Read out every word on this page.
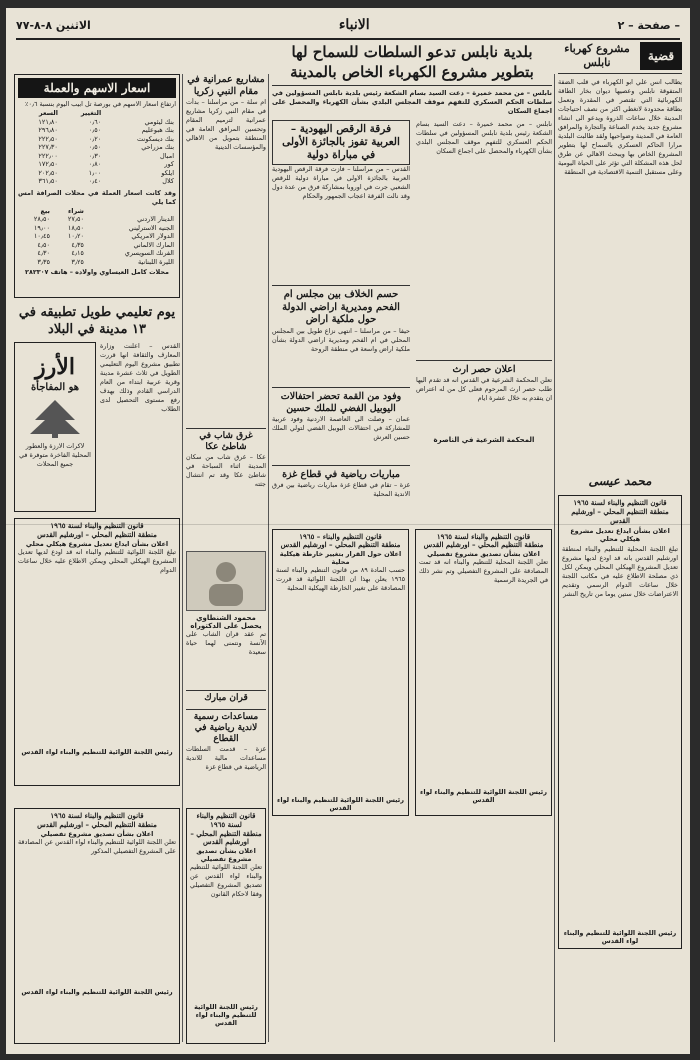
الاثنين ٨-٨-٧٧	الانباء	صفحة – ٢ –
قضية
مشروع كهرباء نابلس
يطالب انس علي ابو الكهرباء في قلب الضفة المتفوقة نابلس وعصيها ديوان بخار الطاقة الكهربائية التي تقتصر في المقدرة وتعمل بطاقة محدودة لاتغطي اكثر من نصف احتياجات المدينة خلال ساعات الذروة ويدعو الى انشاء مشروع جديد يخدم الصناعة والتجارة والمرافق العامة في المدينة وضواحيها ولقد طالبت البلدية مرارا الحاكم العسكري بالسماح لها بتطوير المشروع الخاص بها ويبحث الاهالي عن طرق لحل هذه المشكلة التي تؤثر على الحياة اليومية وعلى مستقبل التنمية الاقتصادية في المنطقة
محمد عيسى
قانون التنظيم والبناء لسنة ١٩٦٥
منطقة التنظيم المحلي – اورشليم القدس
اعلان بشأن ايداع تعديل مشروع هيكلي محلي
تبلغ اللجنة المحلية للتنظيم والبناء لمنطقة اورشليم القدس بانه قد اودع لديها مشروع تعديل المشروع الهيكلي المحلي ويمكن لكل ذي مصلحة الاطلاع عليه في مكاتب اللجنة خلال ساعات الدوام الرسمي وتقديم الاعتراضات خلال ستين يوما من تاريخ النشر
رئيس اللجنة اللوائية للتنظيم والبناء لواء القدس
بلدية نابلس تدعو السلطات للسماح لها بتطوير مشروع الكهرباء الخاص بالمدينة
نابلس – من محمد خميرة – دعت السيد بسام الشكعة رئيس بلدية نابلس المسؤولين في سلطات الحكم العسكري للتفهم موقف المجلس البلدي بشأن الكهرباء والمحصل على اجماع السكان
نابلس – من محمد خميرة – دعت السيد بسام الشكعة رئيس بلدية نابلس المسؤولين في سلطات الحكم العسكري للتفهم موقف المجلس البلدي بشأن الكهرباء والمحصل على اجماع السكان
اعلان حصر ارث
تعلن المحكمة الشرعية في القدس انه قد تقدم اليها طلب حصر ارث المرحوم فعلى كل من له اعتراض ان يتقدم به خلال عشرة ايام
المحكمة الشرعية في الناصرة
فرقة الرقص اليهودية – العربية تفوز بالجائزة الأولى في مباراة دولية
القدس – من مراسلنا – فازت فرقة الرقص اليهودية العربية بالجائزة الاولى في مباراة دولية للرقص الشعبي جرت في اوروبا بمشاركة فرق من عدة دول وقد نالت الفرقة اعجاب الجمهور والحكام
حسم الخلاف بين مجلس ام الفحم ومديرية اراضي الدولة حول ملكية اراض
حيفا – من مراسلنا – انتهى نزاع طويل بين المجلس المحلي في ام الفحم ومديرية اراضي الدولة بشأن ملكية اراض واسعة في منطقة الروحة
وفود من القمة تحضر احتفالات اليوبيل الفضي للملك حسين
عمان – وصلت الى العاصمة الاردنية وفود عربية للمشاركة في احتفالات اليوبيل الفضي لتولي الملك حسين العرش
مباريات رياضية في قطاع غزة
غزة – تقام في قطاع غزة مباريات رياضية بين فرق الاندية المحلية
قانون التنظيم والبناء لسنة ١٩٦٥
منطقة التنظيم المحلي – اورشليم القدس
اعلان بشأن تصديق مشروع تفصيلي
تعلن اللجنة المحلية للتنظيم والبناء انه قد تمت المصادقة على المشروع التفصيلي وتم نشر ذلك في الجريدة الرسمية
رئيس اللجنة اللوائية للتنظيم والبناء لواء القدس
قانون التنظيم والبناء – ١٩٦٥
منطقة التنظيم المحلي – اورشليم القدس
اعلان حول القرار بتغيير خارطة هيكلية محلية
حسب المادة ٨٩ من قانون التنظيم والبناء لسنة ١٩٦٥ يعلن بهذا ان اللجنة اللوائية قد قررت المصادقة على تغيير الخارطة الهيكلية المحلية
رئيس اللجنة اللوائية للتنظيم والبناء لواء القدس
مشاريع عمرانية في مقام النبي زكريا
ام سلة – من مراسلنا – بدأت في مقام النبي زكريا مشاريع عمرانية لترميم المقام وتحسين المرافق العامة في المنطقة بتمويل من الاهالي والمؤسسات الدينية
غرق شاب في شاطئ عكا
عكا – غرق شاب من سكان المدينة اثناء السباحة في شاطئ عكا وقد تم انتشال جثته
محمود الشنطاوي يحصل على الدكتوراه
تم عقد قران الشاب على الآنسة ونتمنى لهما حياة سعيدة
قران مبارك
مساعدات رسمية لاندية رياضية في القطاع
غزة – قدمت السلطات مساعدات مالية للاندية الرياضية في قطاع غزة
قانون التنظيم والبناء لسنة ١٩٦٥
منطقة التنظيم المحلي – اورشليم القدس
اعلان بشأن تصديق مشروع تفصيلي
تعلن اللجنة اللوائية للتنظيم والبناء لواء القدس عن تصديق المشروع التفصيلي وفقا لاحكام القانون
رئيس اللجنة اللوائية للتنظيم والبناء لواء القدس
اسعار الاسهم والعملة
ارتفاع اسعار الاسهم في بورصة تل ابيب اليوم بنسبة ٠٫٦٪
	التغيير	السعر
بنك ليئومي	٠٫٦٠	١٢١٫٨٠
بنك هبوعليم	٠٫٥٠	٢٩٦٫٨٠
بنك ديسكونت	٠٫٢٠	٢٢٢٫٥٠
بنك مزراحي	٠٫٥٠	٢٢٧٫٣٠
امبال	٠٫٣٠	٢٢٢٫٠٠
كور	٠٫٨٠	١٧٢٫٥٠
ايلكو	١٫٠٠	٢٠٢٫٥٠
كلال	٠٫٤٠	٣٦١٫٥٠
وقد كانت اسعار العملة في محلات الصرافة امس كما يلي
	شراء	بيع
الدينار الاردني	٢٧٫٥٠	٢٨٫٥٠
الجنيه الاسترليني	١٨٫٥٠	١٩٫٠٠
الدولار الامريكي	١٠٫٢٠	١٠٫٤٥
المارك الالماني	٤٫٣٥	٤٫٥٠
الفرنك السويسري	٤٫١٥	٤٫٣٠
الليرة اللبنانية	٣٫٢٥	٣٫٣٥
محلات كامل العيساوي واولاده – هاتف ٢٨٢٣٠٧
يوم تعليمي طويل تطبيقه في ١٣ مدينة في البلاد
القدس – اعلنت وزارة المعارف والثقافة انها قررت تطبيق مشروع اليوم التعليمي الطويل في ثلاث عشرة مدينة وقرية عربية ابتداء من العام الدراسي القادم وذلك بهدف رفع مستوى التحصيل لدى الطلاب
الأرز
هو المفاجأة
لاكرات الارزة والعطور المحلية الفاخرة متوفرة في جميع المحلات
قانون التنظيم والبناء لسنة ١٩٦٥
منطقة التنظيم المحلي – اورشليم القدس
اعلان بشأن ايداع تعديل مشروع هيكلي محلي
تبلغ اللجنة اللوائية للتنظيم والبناء انه قد اودع لديها تعديل المشروع الهيكلي المحلي ويمكن الاطلاع عليه خلال ساعات الدوام
رئيس اللجنة اللوائية للتنظيم والبناء لواء القدس
قانون التنظيم والبناء لسنة ١٩٦٥
منطقة التنظيم المحلي – اورشليم القدس
اعلان بشأن تصديق مشروع تفصيلي
تعلن اللجنة اللوائية للتنظيم والبناء لواء القدس عن المصادقة على المشروع التفصيلي المذكور
رئيس اللجنة اللوائية للتنظيم والبناء لواء القدس
